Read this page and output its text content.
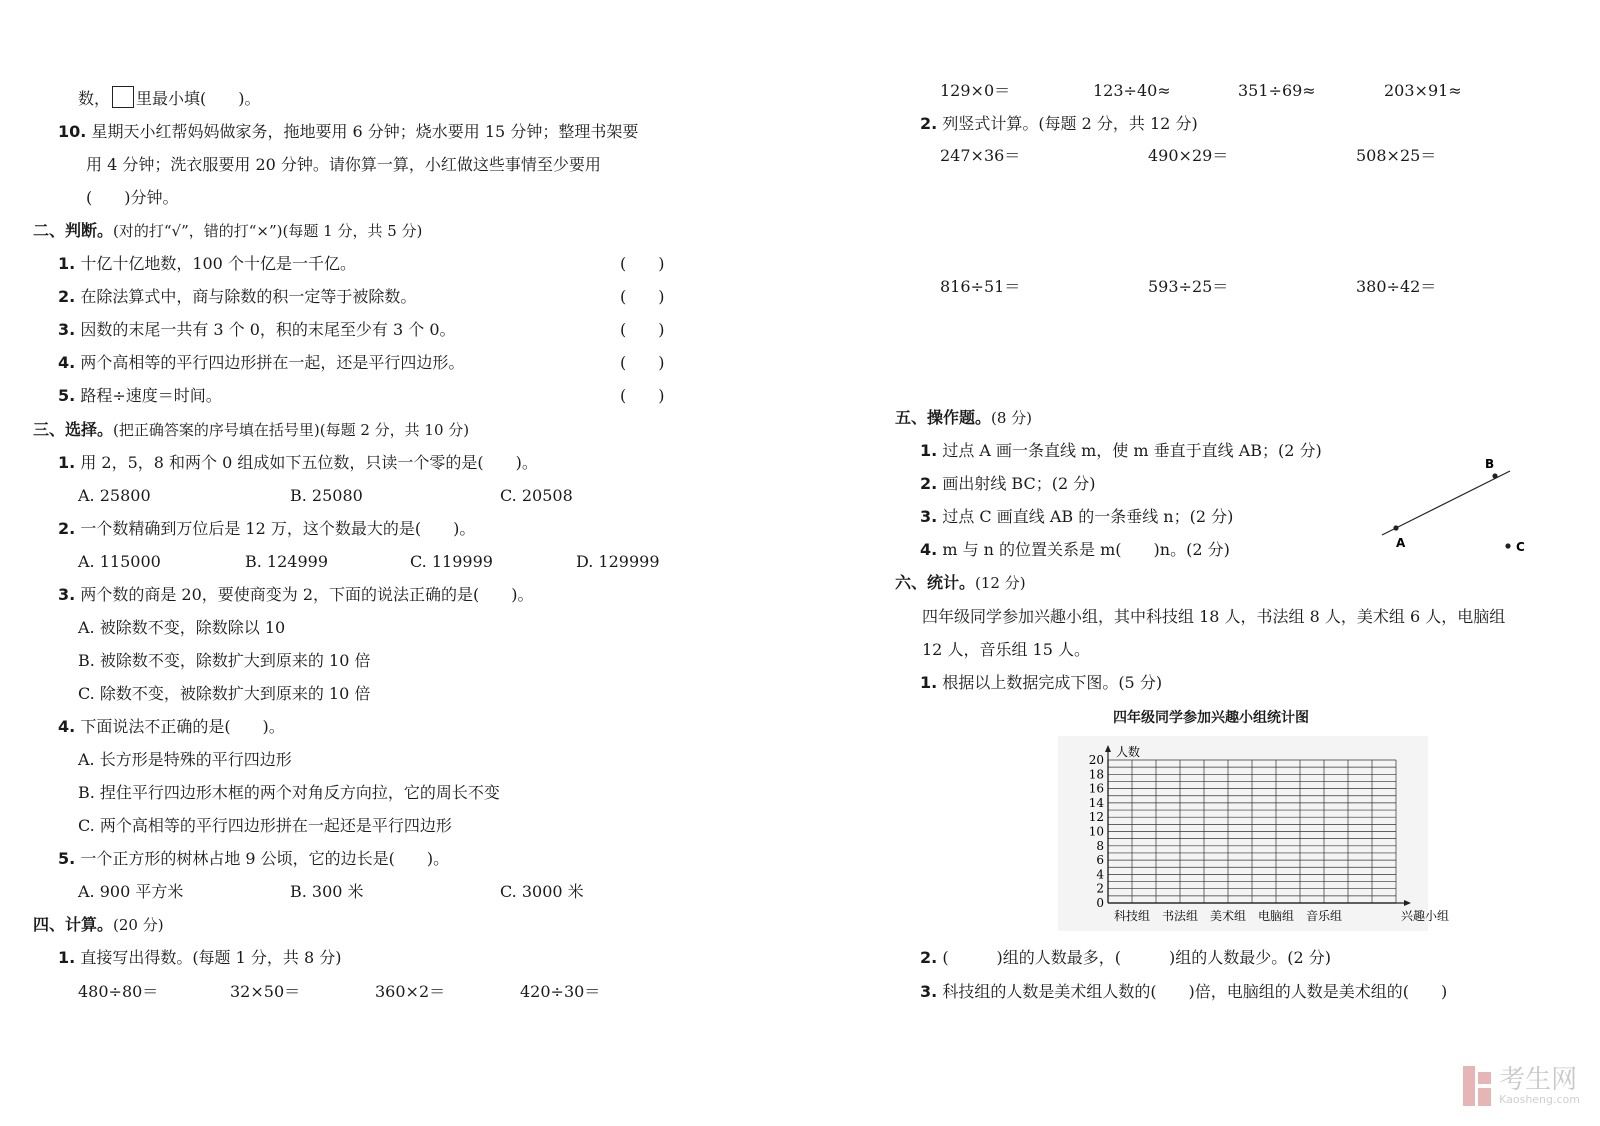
数， 里最小填(　　)。
10. 星期天小红帮妈妈做家务，拖地要用 6 分钟；烧水要用 15 分钟；整理书架要
用 4 分钟；洗衣服要用 20 分钟。请你算一算，小红做这些事情至少要用
(　　)分钟。
二、判断。(对的打“√”，错的打“×”)(每题 1 分，共 5 分)
1. 十亿十亿地数，100 个十亿是一千亿。	(　　)
2. 在除法算式中，商与除数的积一定等于被除数。	(　　)
3. 因数的末尾一共有 3 个 0，积的末尾至少有 3 个 0。	(　　)
4. 两个高相等的平行四边形拼在一起，还是平行四边形。	(　　)
5. 路程÷速度＝时间。	(　　)
三、选择。(把正确答案的序号填在括号里)(每题 2 分，共 10 分)
1. 用 2，5，8 和两个 0 组成如下五位数，只读一个零的是(　　)。
A. 25800	B. 25080	C. 20508
2. 一个数精确到万位后是 12 万，这个数最大的是(　　)。
A. 115000	B. 124999	C. 119999	D. 129999
3. 两个数的商是 20，要使商变为 2，下面的说法正确的是(　　)。
A. 被除数不变，除数除以 10
B. 被除数不变，除数扩大到原来的 10 倍
C. 除数不变，被除数扩大到原来的 10 倍
4. 下面说法不正确的是(　　)。
A. 长方形是特殊的平行四边形
B. 捏住平行四边形木框的两个对角反方向拉，它的周长不变
C. 两个高相等的平行四边形拼在一起还是平行四边形
5. 一个正方形的树林占地 9 公顷，它的边长是(　　)。
A. 900 平方米	B. 300 米	C. 3000 米
四、计算。(20 分)
1. 直接写出得数。(每题 1 分，共 8 分)
480÷80＝	32×50＝	360×2＝	420÷30＝
129×0＝	123÷40≈	351÷69≈	203×91≈
2. 列竖式计算。(每题 2 分，共 12 分)
247×36＝	490×29＝	508×25＝
816÷51＝	593÷25＝	380÷42＝
五、操作题。(8 分)
1. 过点 A 画一条直线 m，使 m 垂直于直线 AB；(2 分)
2. 画出射线 BC；(2 分)
3. 过点 C 画直线 AB 的一条垂线 n；(2 分)
4. m 与 n 的位置关系是 m(　　)n。(2 分)	A
B
C
六、统计。(12 分)
四年级同学参加兴趣小组，其中科技组 18 人，书法组 8 人，美术组 6 人，电脑组
12 人，音乐组 15 人。
1. 根据以上数据完成下图。(5 分)
四年级同学参加兴趣小组统计图
0
2
4
6
8
10
12
14
16
18
20
人数
科技组 书法组 美术组 电脑组 音乐组	兴趣小组
2. (　　　)组的人数最多，(　　　)组的人数最少。(2 分)
3. 科技组的人数是美术组人数的(　　)倍，电脑组的人数是美术组的(　　)
考生网
Kaosheng.com
